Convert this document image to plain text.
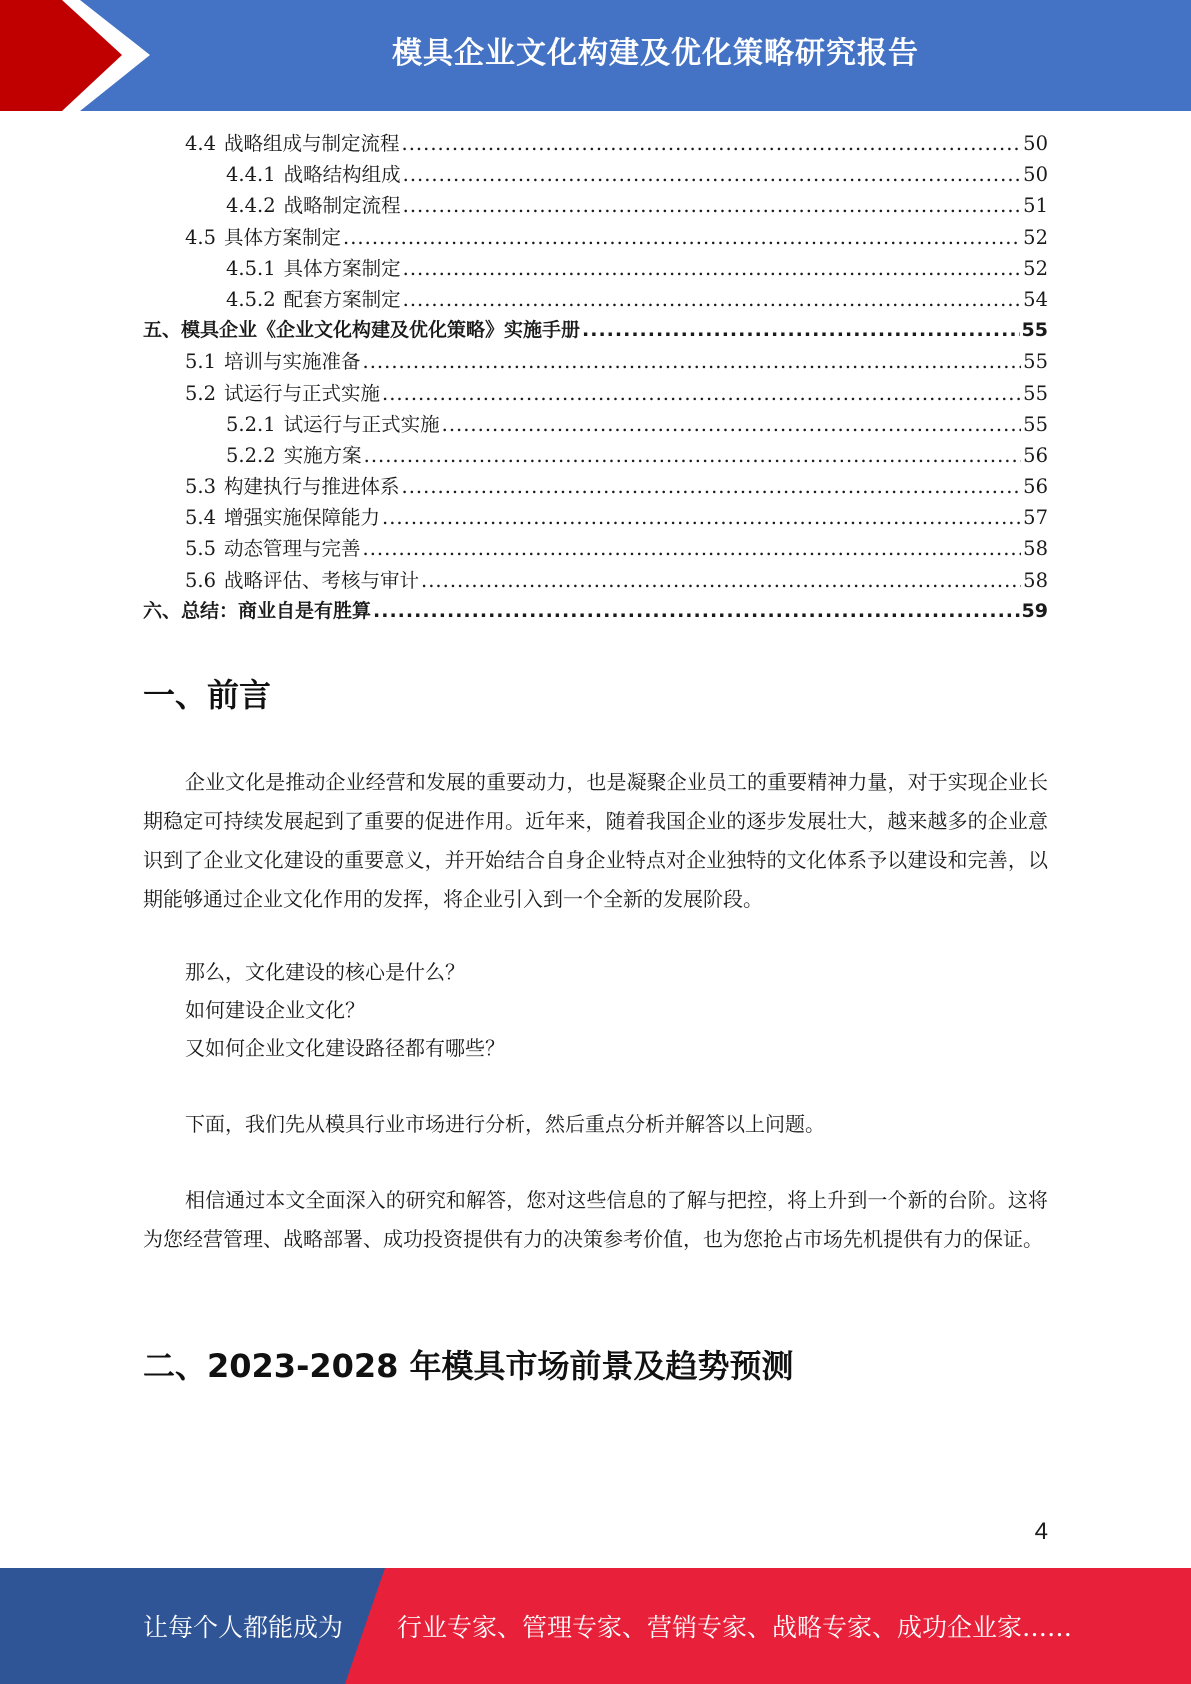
模具企业文化构建及优化策略研究报告
4.4 战略组成与制定流程 .....	50
4.4.1 战略结构组成 .....	50
4.4.2 战略制定流程 .....	51
4.5 具体方案制定 .....	52
4.5.1 具体方案制定 .....	52
4.5.2 配套方案制定 .....	54
五、模具企业《企业文化构建及优化策略》实施手册 .....	55
5.1 培训与实施准备 .....	55
5.2 试运行与正式实施 .....	55
5.2.1 试运行与正式实施 .....	55
5.2.2 实施方案 .....	56
5.3 构建执行与推进体系 .....	56
5.4 增强实施保障能力 .....	57
5.5 动态管理与完善 .....	58
5.6 战略评估、考核与审计 .....	58
六、总结：商业自是有胜算 .....	59
一、前言
企业文化是推动企业经营和发展的重要动力，也是凝聚企业员工的重要精神力量，对于实现企业长期稳定可持续发展起到了重要的促进作用。近年来，随着我国企业的逐步发展壮大，越来越多的企业意识到了企业文化建设的重要意义，并开始结合自身企业特点对企业独特的文化体系予以建设和完善，以期能够通过企业文化作用的发挥，将企业引入到一个全新的发展阶段。
那么，文化建设的核心是什么？
如何建设企业文化？
又如何企业文化建设路径都有哪些？
下面，我们先从模具行业市场进行分析，然后重点分析并解答以上问题。
相信通过本文全面深入的研究和解答，您对这些信息的了解与把控，将上升到一个新的台阶。这将为您经营管理、战略部署、成功投资提供有力的决策参考价值，也为您抢占市场先机提供有力的保证。
二、2023-2028 年模具市场前景及趋势预测
4
让每个人都能成为 行业专家、管理专家、营销专家、战略专家、成功企业家……
